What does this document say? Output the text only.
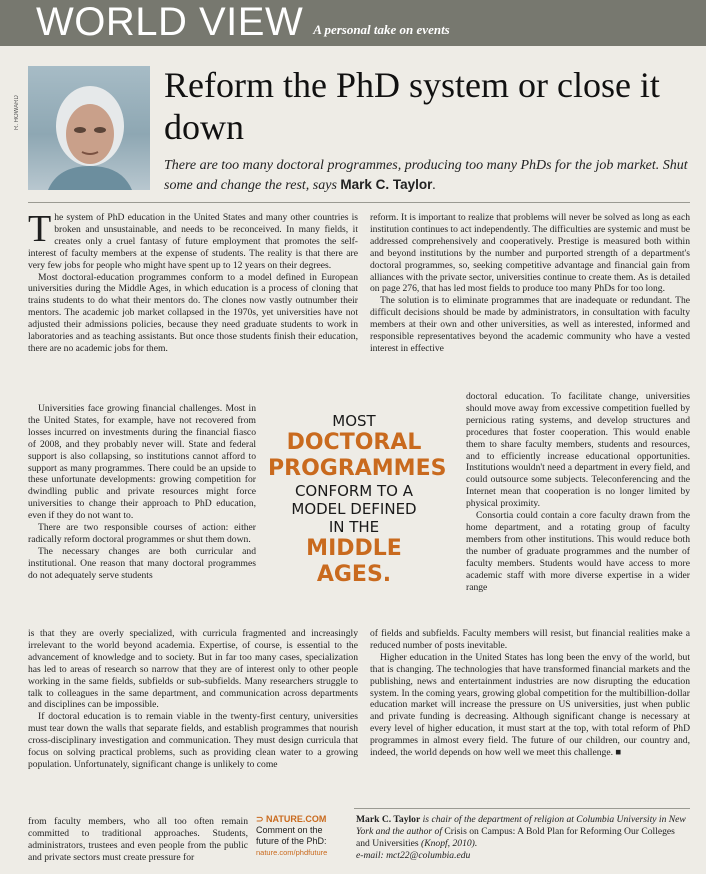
WORLD VIEW A personal take on events
R. HOWARD
Reform the PhD system or close it down

There are too many doctoral programmes, producing too many PhDs for the job market. Shut some and change the rest, says Mark C. Taylor.

The system of PhD education in the United States and many other countries is broken and unsustainable, and needs to be reconceived. In many fields, it creates only a cruel fantasy of future employment that promotes the self-interest of faculty members at the expense of students. The reality is that there are very few jobs for people who might have spent up to 12 years on their degrees.

Most doctoral-education programmes conform to a model defined in European universities during the Middle Ages, in which education is a process of cloning that trains students to do what their mentors do. The clones now vastly outnumber their mentors. The academic job market collapsed in the 1970s, yet universities have not adjusted their admissions policies, because they need graduate students to work in laboratories and as teaching assistants. But once those students finish their education, there are no academic jobs for them.

Universities face growing financial challenges. Most in the United States, for example, have not recovered from losses incurred on investments during the financial fiasco of 2008, and they probably never will. State and federal support is also collapsing, so institutions cannot afford to support as many programmes. There could be an upside to these unfortunate developments: growing competition for dwindling public and private resources might force universities to change their approach to PhD education, even if they do not want to.

There are two responsible courses of action: either radically reform doctoral programmes or shut them down.

The necessary changes are both curricular and institutional. One reason that many doctoral programmes do not adequately serve students

is that they are overly specialized, with curricula fragmented and increasingly irrelevant to the world beyond academia. Expertise, of course, is essential to the advancement of knowledge and to society. But in far too many cases, specialization has led to areas of research so narrow that they are of interest only to other people working in the same fields, subfields or sub-subfields. Many researchers struggle to talk to colleagues in the same department, and communication across departments and disciplines can be impossible.

If doctoral education is to remain viable in the twenty-first century, universities must tear down the walls that separate fields, and establish programmes that nourish cross-disciplinary investigation and communication. They must design curricula that focus on solving practical problems, such as providing clean water to a growing population. Unfortunately, significant change is unlikely to come

from faculty members, who all too often remain committed to traditional approaches. Students, administrators, trustees and even people from the public and private sectors must create pressure for

reform. It is important to realize that problems will never be solved as long as each institution continues to act independently. The difficulties are systemic and must be addressed comprehensively and cooperatively. Prestige is measured both within and beyond institutions by the number and purported strength of a department's doctoral programmes, so, seeking competitive advantage and financial gain from alliances with the private sector, universities continue to create them. As is detailed on page 276, that has led most fields to produce too many PhDs for too long.

The solution is to eliminate programmes that are inadequate or redundant. The difficult decisions should be made by administrators, in consultation with faculty members at their own and other universities, as well as interested, informed and responsible representatives beyond the academic community who have a vested interest in effective

doctoral education. To facilitate change, universities should move away from excessive competition fuelled by pernicious rating systems, and develop structures and procedures that foster cooperation. This would enable them to share faculty members, students and resources, and to efficiently increase educational opportunities. Institutions wouldn't need a department in every field, and could outsource some subjects. Teleconferencing and the Internet mean that cooperation is no longer limited by physical proximity.

Consortia could contain a core faculty drawn from the home department, and a rotating group of faculty members from other institutions. This would reduce both the number of graduate programmes and the number of faculty members. Students would have access to more academic staff with more diverse expertise in a wider range

of fields and subfields. Faculty members will resist, but financial realities make a reduced number of posts inevitable.

Higher education in the United States has long been the envy of the world, but that is changing. The technologies that have transformed financial markets and the publishing, news and entertainment industries are now disrupting the education system. In the coming years, growing global competition for the multibillion-dollar education market will increase the pressure on US universities, just when public and private funding is decreasing. Although significant change is necessary at every level of higher education, it must start at the top, with total reform of PhD programmes in almost every field. The future of our children, our country and, indeed, the world depends on how well we meet this challenge. ■

MOST
DOCTORAL
PROGRAMMES
CONFORM TO A
MODEL DEFINED
IN THE
MIDDLE AGES.
⊃ NATURE.COM
Comment on the
future of the PhD:
nature.com/phdfuture

Mark C. Taylor is chair of the department of religion at Columbia University in New York and the author of Crisis on Campus: A Bold Plan for Reforming Our Colleges and Universities (Knopf, 2010).
e-mail: mct22@columbia.edu
